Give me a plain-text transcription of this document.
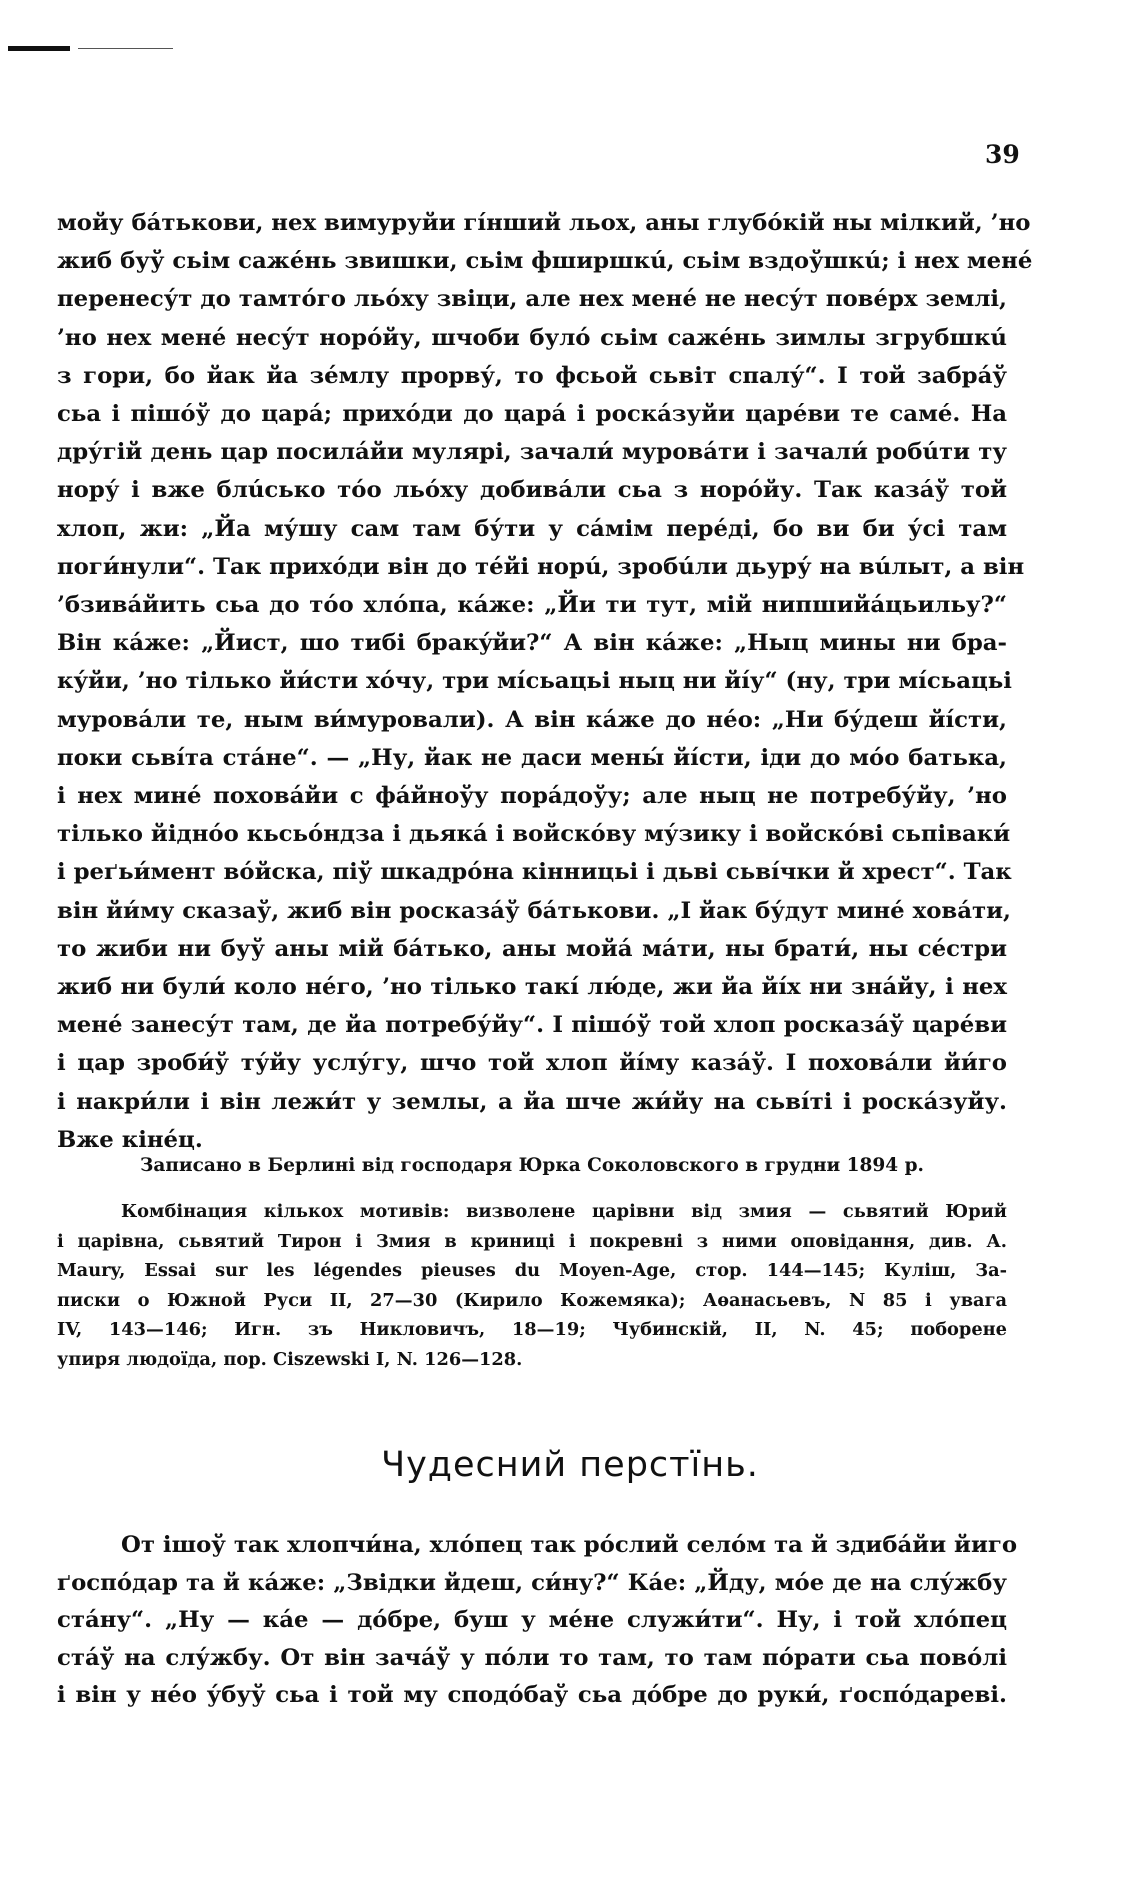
39
мойу бáтькови, нех вимуруйи гíнший льох, аны глубóкій ны мілкий, ’но
жиб буў сьім сажéнь звишки, сьім фширшкú, сьім вздоўшкú; і нех мене́
перенесу́т до тамто́го льо́ху звіци, але нех мене́ не несу́т повéрх землі,
’но нех мене́ несу́т норо́йу, шчоби було́ сьім сажéнь зимлы згрубшкú
з гори, бо йак йа зе́млу прорву́, то фсьой сьвіт спалу́“. І той забра́ў
сьа і пішóў до цара́; прихо́ди до цара́ і роска́зуйи царéви те самé. На
дру́гій день цар посила́йи мулярі, зачали́ мурова́ти і зачали́ робúти ту
нору́ і вже блúсько то́о льо́ху добивáли сьа з норо́йу. Так казáў той
хлоп, жи: „Йа му́шу сам там бу́ти у са́мім пере́ді, бо ви би у́сі там
поги́нули“. Так прихо́ди він до те́йі норú, зробúли дьуру́ на вúлыт, а він
’бзива́йить сьа до то́о хло́па, ка́же: „Йи ти тут, мій нипшийа́цьильу?“
Він ка́же: „Йист, шо тибі бракýйи?“ А він ка́же: „Ныц мины ни бра-
ку́йи, ’но тілько йи́сти хо́чу, три мі́сьацьі ныц ни йі́у“ (ну, три мі́сьацьі
мурова́ли те, ным ви́муровали). А він ка́же до не́о: „Ни бу́деш йі́сти,
поки сьві́та ста́не“. — „Ну, йак не даси мены́ йі́сти, іди до мо́о батька,
і нех мине́ похова́йи с фа́йноўу пора́доўу; але ныц не потребу́йу, ’но
тілько йідно́о кьсьо́ндза і дьяка́ і войско́ву му́зику і войско́ві сьпіваки́
і реґьи́мент во́йска, піў шкадро́на кінницьі і дьві сьві́чки й хрест“. Так
він йи́му сказаў, жиб він росказа́ў ба́тькови. „І йак бу́дут мине́ хова́ти,
то жиби ни буў аны мій ба́тько, аны мойа́ ма́ти, ны брати́, ны се́стри
жиб ни були́ коло не́го, ’но тілько такі́ лю́де, жи йа йі́х ни зна́йу, і нех
мене́ занесу́т там, де йа потребу́йу“. І пішо́ў той хлоп росказа́ў царе́ви
і цар зроби́ў ту́йу услу́гу, шчо той хлоп йі́му каза́ў. І похова́ли йи́го
і накри́ли і він лежи́т у землы, а йа шче жи́йу на сьві́ті і роска́зуйу.
Вже кіне́ц.
Записано в Берлині від господаря Юрка Соколовского в грудни 1894 р.
Комбінация кількох мотивів: визволене царівни від змия — сьвятий Юрий
і царівна, сьвятий Тирон і Змия в криниці і покревні з ними оповідання, див. А.
Maury, Essai sur les légendes pieuses du Moyen-Age, стор. 144—145; Куліш, За-
писки о Южной Руси II, 27—30 (Кирило Кожемяка); Аѳанасьевъ, N 85 і увага
IV, 143—146; Игн. зъ Никловичъ, 18—19; Чубинскій, II, N. 45; поборене
упиря людоїда, пор. Ciszewski I, N. 126—128.
Чудесний перстїнь.
От ішоў так хлопчи́на, хло́пец так ро́слий село́м та й здиба́йи йиго
ґоспо́дар та й ка́же: „Звідки йдеш, си́ну?“ Ка́е: „Йду, мо́е де на слу́жбу
ста́ну“. „Ну — ка́е — до́бре, буш у ме́не служи́ти“. Ну, і той хло́пец
ста́ў на слу́жбу. От він зача́ў у по́ли то там, то там по́рати сьа пово́лі
і він у не́о у́буў сьа і той му сподо́баў сьа до́бре до руки́, ґоспо́дареві.
